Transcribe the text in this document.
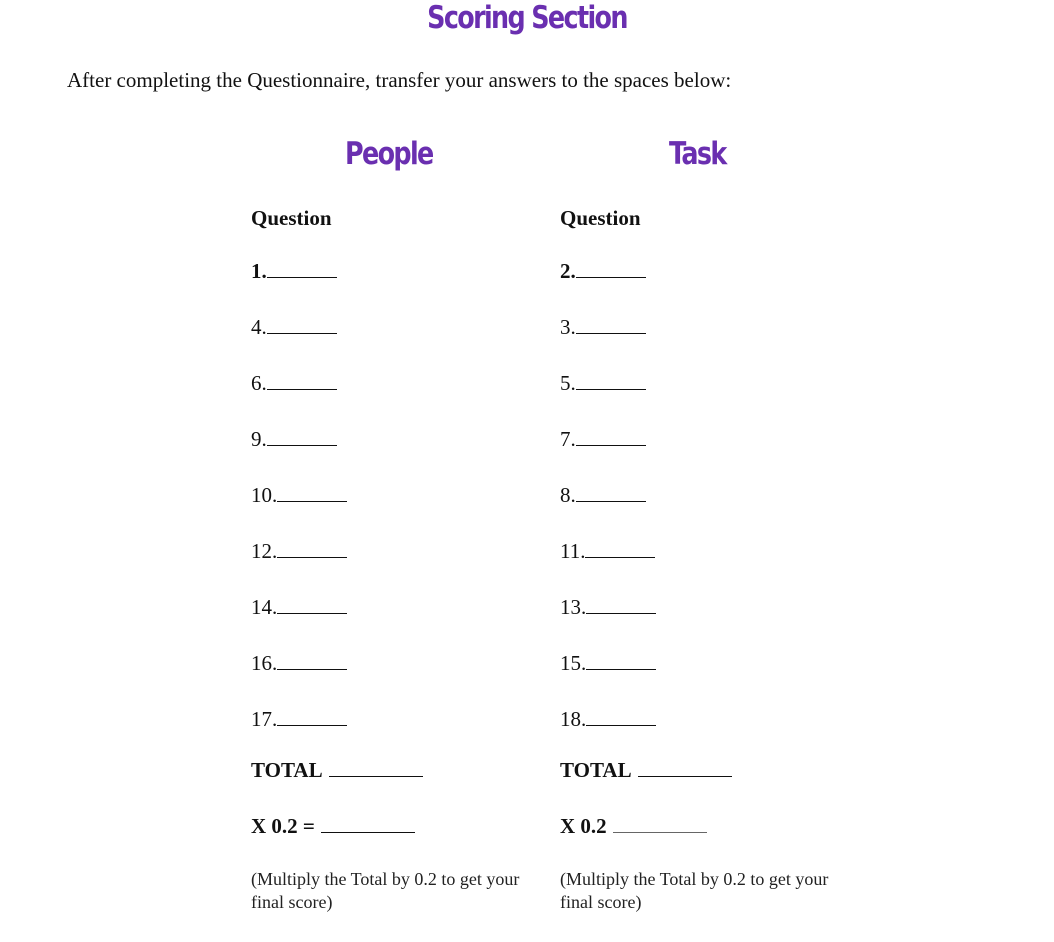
Scoring Section
After completing the Questionnaire, transfer your answers to the spaces below:
People	Task
Question
1.
4.
6.
9.
10.
12.
14.
16.
17.
TOTAL
X 0.2 =
(Multiply the Total by 0.2 to get your final score)
Question
2.
3.
5.
7.
8.
11.
13.
15.
18.
TOTAL
X 0.2
(Multiply the Total by 0.2 to get your final score)
